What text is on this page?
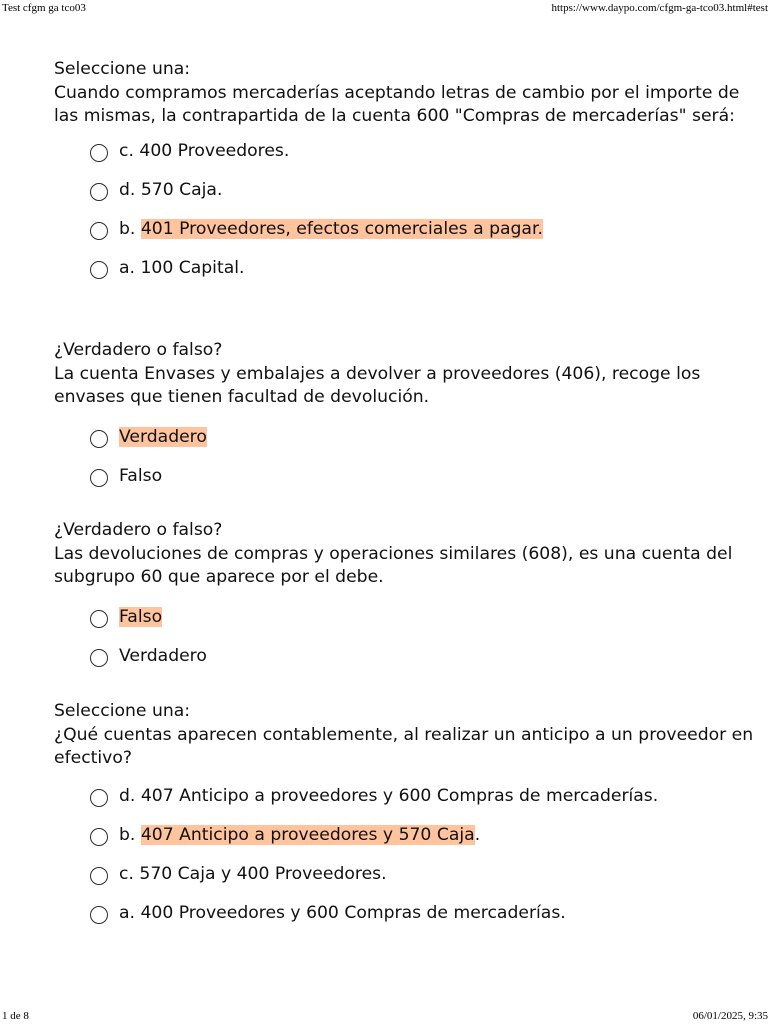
Test cfgm ga tco03	https://www.daypo.com/cfgm-ga-tco03.html#test
Seleccione una:
Cuando compramos mercaderías aceptando letras de cambio por el importe de las mismas, la contrapartida de la cuenta 600 "Compras de mercaderías" será:
c. 400 Proveedores.
d. 570 Caja.
b. 401 Proveedores, efectos comerciales a pagar.
a. 100 Capital.
¿Verdadero o falso?
La cuenta Envases y embalajes a devolver a proveedores (406), recoge los envases que tienen facultad de devolución.
Verdadero
Falso
¿Verdadero o falso?
Las devoluciones de compras y operaciones similares (608), es una cuenta del subgrupo 60 que aparece por el debe.
Falso
Verdadero
Seleccione una:
¿Qué cuentas aparecen contablemente, al realizar un anticipo a un proveedor en efectivo?
d. 407 Anticipo a proveedores y 600 Compras de mercaderías.
b. 407 Anticipo a proveedores y 570 Caja.
c. 570 Caja y 400 Proveedores.
a. 400 Proveedores y 600 Compras de mercaderías.
1 de 8	06/01/2025, 9:35
